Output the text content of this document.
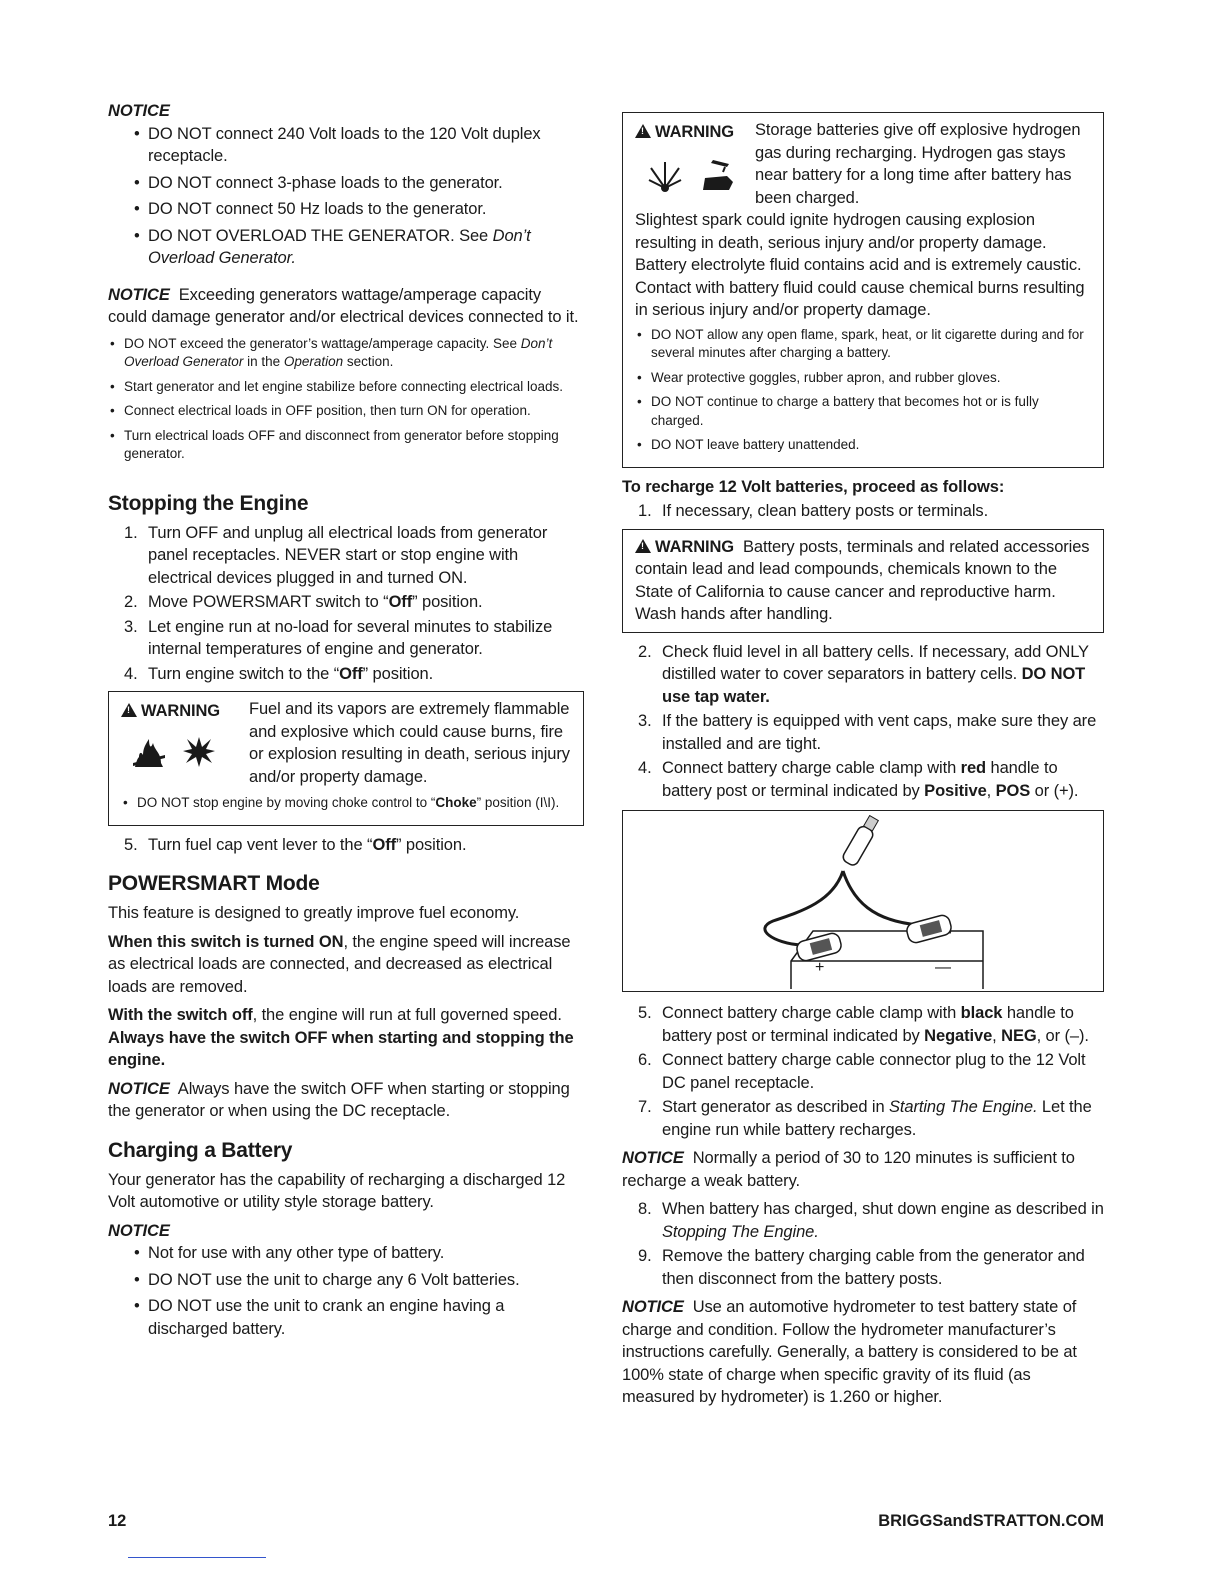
NOTICE
• DO NOT connect 240 Volt loads to the 120 Volt duplex receptacle.
• DO NOT connect 3-phase loads to the generator.
• DO NOT connect 50 Hz loads to the generator.
• DO NOT OVERLOAD THE GENERATOR. See Don’t Overload Generator.

NOTICE Exceeding generators wattage/amperage capacity could damage generator and/or electrical devices connected to it.

• DO NOT exceed the generator’s wattage/amperage capacity. See Don’t Overload Generator in the Operation section.
• Start generator and let engine stabilize before connecting electrical loads.
• Connect electrical loads in OFF position, then turn ON for operation.
• Turn electrical loads OFF and disconnect from generator before stopping generator.
Stopping the Engine
1. Turn OFF and unplug all electrical loads from generator panel receptacles. NEVER start or stop engine with electrical devices plugged in and turned ON.
2. Move POWERSMART switch to “Off” position.
3. Let engine run at no-load for several minutes to stabilize internal temperatures of engine and generator.
4. Turn engine switch to the “Off” position.
!WARNING Fuel and its vapors are extremely flammable and explosive which could cause burns, fire or explosion resulting in death, serious injury and/or property damage.
• DO NOT stop engine by moving choke control to “Choke” position (I\I).
5. Turn fuel cap vent lever to the “Off” position.
POWERSMART Mode

This feature is designed to greatly improve fuel economy.

When this switch is turned ON, the engine speed will increase as electrical loads are connected, and decreased as electrical loads are removed.

With the switch off, the engine will run at full governed speed. Always have the switch OFF when starting and stopping the engine.

NOTICE Always have the switch OFF when starting or stopping the generator or when using the DC receptacle.

Charging a Battery

Your generator has the capability of recharging a discharged 12 Volt automotive or utility style storage battery.

NOTICE
• Not for use with any other type of battery.
• DO NOT use the unit to charge any 6 Volt batteries.
• DO NOT use the unit to crank an engine having a discharged battery.
!WARNING	Storage batteries give off explosive hydrogen gas during recharging. Hydrogen gas stays near battery for a long time after battery has been charged.

Slightest spark could ignite hydrogen causing explosion resulting in death, serious injury and/or property damage.

Battery electrolyte fluid contains acid and is extremely caustic. Contact with battery fluid could cause chemical burns resulting in serious injury and/or property damage.

• DO NOT allow any open flame, spark, heat, or lit cigarette during and for several minutes after charging a battery.
• Wear protective goggles, rubber apron, and rubber gloves.
• DO NOT continue to charge a battery that becomes hot or is fully charged.
• DO NOT leave battery unattended.
To recharge 12 Volt batteries, proceed as follows:
1. If necessary, clean battery posts or terminals.
!WARNING Battery posts, terminals and related accessories contain lead and lead compounds, chemicals known to the State of California to cause cancer and reproductive harm. Wash hands after handling.
2. Check fluid level in all battery cells. If necessary, add ONLY distilled water to cover separators in battery cells. DO NOT use tap water.
3. If the battery is equipped with vent caps, make sure they are installed and are tight.
4. Connect battery charge cable clamp with red handle to battery post or terminal indicated by Positive, POS or (+).
+	—
5. Connect battery charge cable clamp with black handle to battery post or terminal indicated by Negative, NEG, or (–).
6. Connect battery charge cable connector plug to the 12 Volt DC panel receptacle.
7. Start generator as described in Starting The Engine. Let the engine run while battery recharges.

NOTICE Normally a period of 30 to 120 minutes is sufficient to recharge a weak battery.

8. When battery has charged, shut down engine as described in Stopping The Engine.
9. Remove the battery charging cable from the generator and then disconnect from the battery posts.

NOTICE Use an automotive hydrometer to test battery state of charge and condition. Follow the hydrometer manufacturer’s instructions carefully. Generally, a battery is considered to be at 100% state of charge when specific gravity of its fluid (as measured by hydrometer) is 1.260 or higher.

12	BRIGGSandSTRATTON.COM
